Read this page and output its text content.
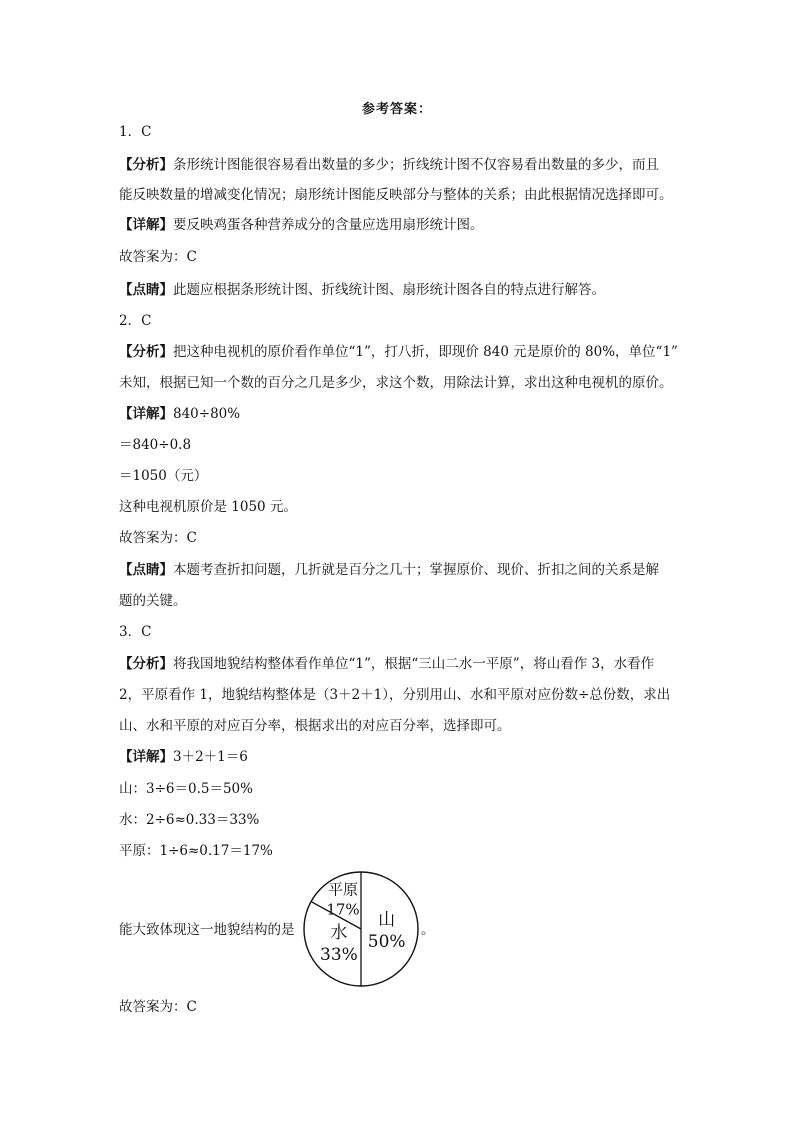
参考答案：
1．C
【分析】条形统计图能很容易看出数量的多少；折线统计图不仅容易看出数量的多少，而且
能反映数量的增减变化情况；扇形统计图能反映部分与整体的关系；由此根据情况选择即可。
【详解】要反映鸡蛋各种营养成分的含量应选用扇形统计图。
故答案为：C
【点睛】此题应根据条形统计图、折线统计图、扇形统计图各自的特点进行解答。
2．C
【分析】把这种电视机的原价看作单位“1”，打八折，即现价 840 元是原价的 80%，单位“1”
未知，根据已知一个数的百分之几是多少，求这个数，用除法计算，求出这种电视机的原价。
【详解】840÷80%
＝840÷0.8
＝1050（元）
这种电视机原价是 1050 元。
故答案为：C
【点睛】本题考查折扣问题，几折就是百分之几十；掌握原价、现价、折扣之间的关系是解
题的关键。
3．C
【分析】将我国地貌结构整体看作单位“1”，根据“三山二水一平原”，将山看作 3，水看作
2，平原看作 1，地貌结构整体是（3＋2＋1），分别用山、水和平原对应份数÷总份数，求出
山、水和平原的对应百分率，根据求出的对应百分率，选择即可。
【详解】3＋2＋1＝6
山：3÷6＝0.5＝50%
水：2÷6≈0.33＝33%
平原：1÷6≈0.17＝17%
能大致体现这一地貌结构的是	山
50%
水
33%
平原
17%
。
故答案为：C
